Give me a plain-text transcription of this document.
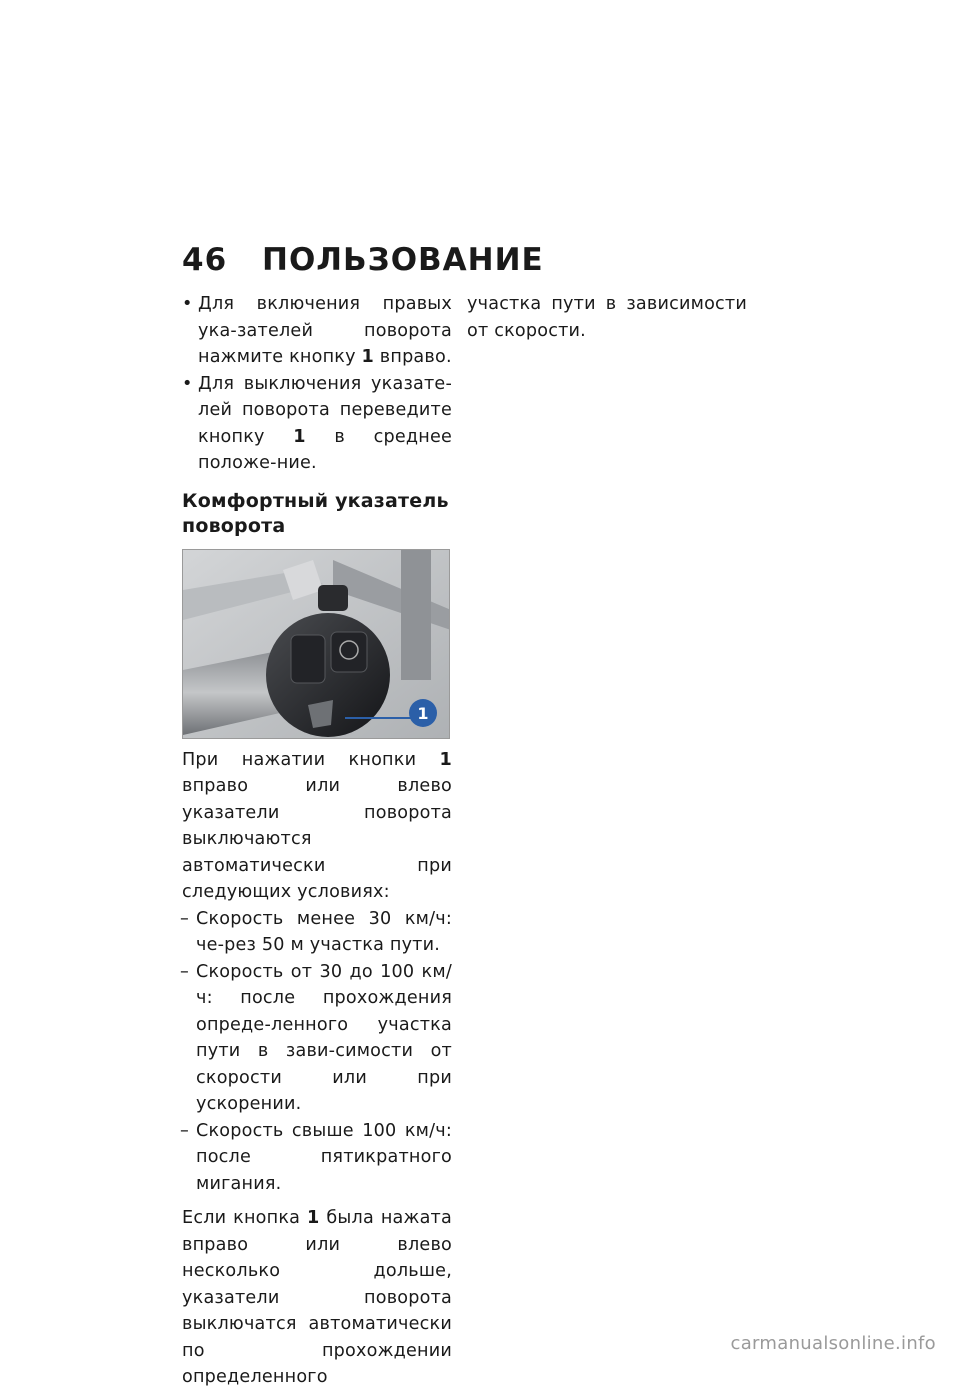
46 ПОЛЬЗОВАНИЕ
• Для включения правых ука-зателей поворота нажмите кнопку 1 вправо.
• Для выключения указате-лей поворота переведите кнопку 1 в среднее положе-ние.
Комфортный указатель поворота
1

При нажатии кнопки 1 вправо или влево указатели поворота выключаются автоматически при следующих условиях:

– Скорость менее 30 км/ч: че-рез 50 м участка пути.
– Скорость от 30 до 100 км/ч: после прохождения опреде-ленного участка пути в зави-симости от скорости или при ускорении.
– Скорость свыше 100 км/ч: после пятикратного мигания.

Если кнопка 1 была нажата вправо или влево несколько дольше, указатели поворота выключатся автоматически по прохождении определенного

участка пути в зависимости от скорости.

carmanualsonline.info
